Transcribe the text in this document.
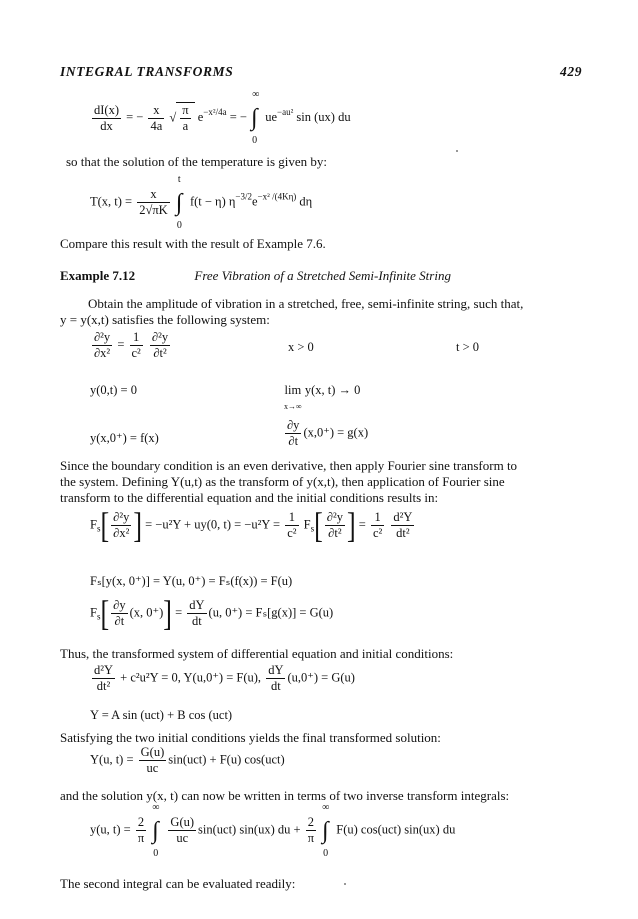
INTEGRAL TRANSFORMS	429
$\frac{dI(x)}{dx}$ = − $\frac{x}{4a}$ √ $\frac{\pi}{a} e^{-x^2/4a}$ = − ∫
∞
0
$ue^{-au^2}$ sin (ux) du
so that the solution of the temperature is given by:
T(x, $t) = \frac{x}{2√\pi K}$
∫
t
0
f(t − η) $\eta^{-3/2}e^{-x^2 /(4K\eta)}$ dη
Compare this result with the result of Example 7.6.
Example 7.12	Free Vibration of a Stretched Semi-Infinite String
Obtain the amplitude of vibration in a stretched, free, semi-infinite string, such that,
y = y(x,t) satisfies the following system:
$\frac{\text{∂²y}}{\text{∂x²}} = \frac{1}{\text{c²}}$
$\frac{\text{∂²y}}{\text{∂t²}}$	x > 0	t > 0
y(0,t) = 0	lim
x→∞ y(x, t) → 0
y(x,0⁺) = f(x)	$\frac{\partial y}{\partial t} (x,0^+) = g(x)$
Since the boundary condition is an even derivative, then apply Fourier sine transform to
the system. Defining Y(u,t) as the transform of y(x,t), then application of Fourier sine
transform to the differential equation and the initial conditions results in:
$F_s[ \frac{\text{∂²y}}{\text{∂x²}}$ ] = −u²Y + uy(0, $t) = -u^2Y = \frac{1}{\text{c²}} F_s[ \frac{\text{∂²y}}{\text{∂t²}}$ ] = $\frac{1}{\text{c²}}$
$\frac{\text{d²Y}}{\text{dt²}}$
Fₛ[y(x, 0⁺)] = Y(u, 0⁺) = Fₛ(f(x)) = F(u)
$F_s[ \frac{\partial y}{\partial t} (x$, $0^+)] = \frac{dY}{dt} (u$, 0⁺) = Fₛ[g(x)] = G(u)
Thus, the transformed system of differential equation and initial conditions:
$\frac{\text{d²Y}}{\text{dt²}} + c^2u^2Y = 0$, Y(u,0⁺) = F(u), $\frac{dY}{dt} (u,0^+) = G(u)$
Y = A sin (uct) + B cos (uct)
Satisfying the two initial conditions yields the final transformed solution:
Y(u, $t) = \frac{G(u)}{uc} \sin(uct) + F(u)$ cos(uct)
and the solution y(x, t) can now be written in terms of two inverse transform integrals:
y(u, $t) = \frac{2}{\pi}$
∫
∞
0

$\frac{G(u)}{uc} \sin(uct)$ sin(ux) du + $\frac{2}{\pi}$
∫
∞
0
F(u) cos(uct) sin(ux) du
The second integral can be evaluated readily:
